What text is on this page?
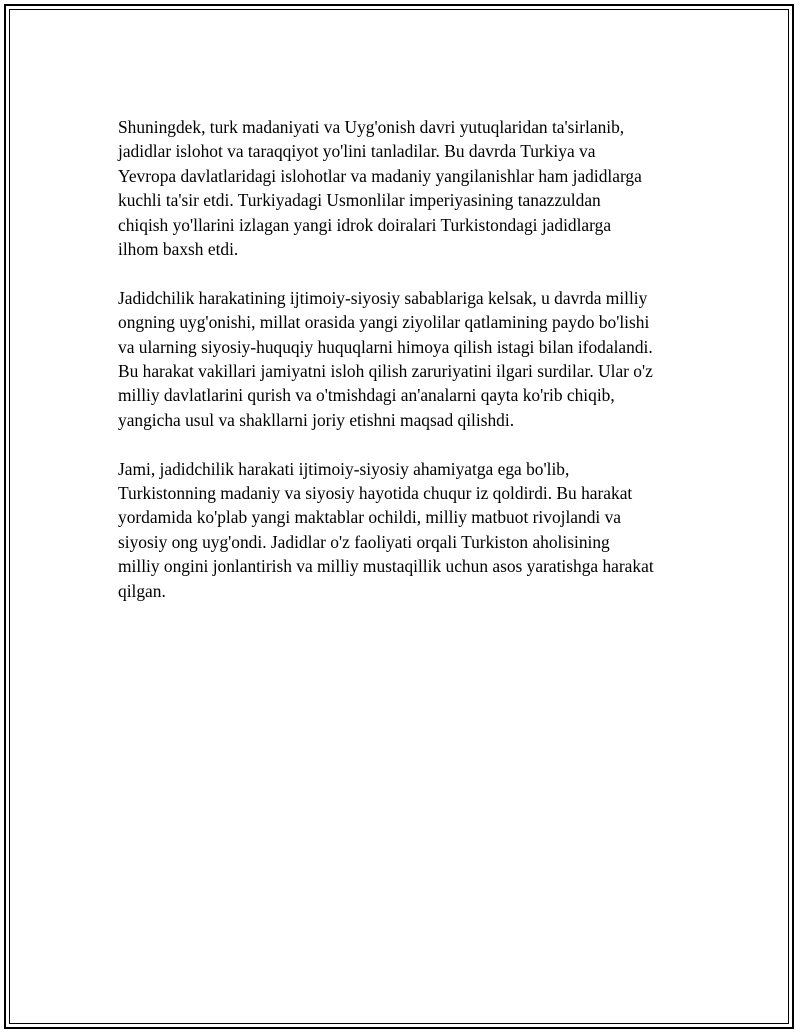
Shuningdek, turk madaniyati va Uyg'onish davri yutuqlaridan ta'sirlanib,
jadidlar islohot va taraqqiyot yo'lini tanladilar. Bu davrda Turkiya va
Yevropa davlatlaridagi islohotlar va madaniy yangilanishlar ham jadidlarga
kuchli ta'sir etdi. Turkiyadagi Usmonlilar imperiyasining tanazzuldan
chiqish yo'llarini izlagan yangi idrok doiralari Turkistondagi jadidlarga
ilhom baxsh etdi.

Jadidchilik harakatining ijtimoiy-siyosiy sabablariga kelsak, u davrda milliy
ongning uyg'onishi, millat orasida yangi ziyolilar qatlamining paydo bo'lishi
va ularning siyosiy-huquqiy huquqlarni himoya qilish istagi bilan ifodalandi.
Bu harakat vakillari jamiyatni isloh qilish zaruriyatini ilgari surdilar. Ular o'z
milliy davlatlarini qurish va o'tmishdagi an'analarni qayta ko'rib chiqib,
yangicha usul va shakllarni joriy etishni maqsad qilishdi.

Jami, jadidchilik harakati ijtimoiy-siyosiy ahamiyatga ega bo'lib,
Turkistonning madaniy va siyosiy hayotida chuqur iz qoldirdi. Bu harakat
yordamida ko'plab yangi maktablar ochildi, milliy matbuot rivojlandi va
siyosiy ong uyg'ondi. Jadidlar o'z faoliyati orqali Turkiston aholisining
milliy ongini jonlantirish va milliy mustaqillik uchun asos yaratishga harakat
qilgan.
